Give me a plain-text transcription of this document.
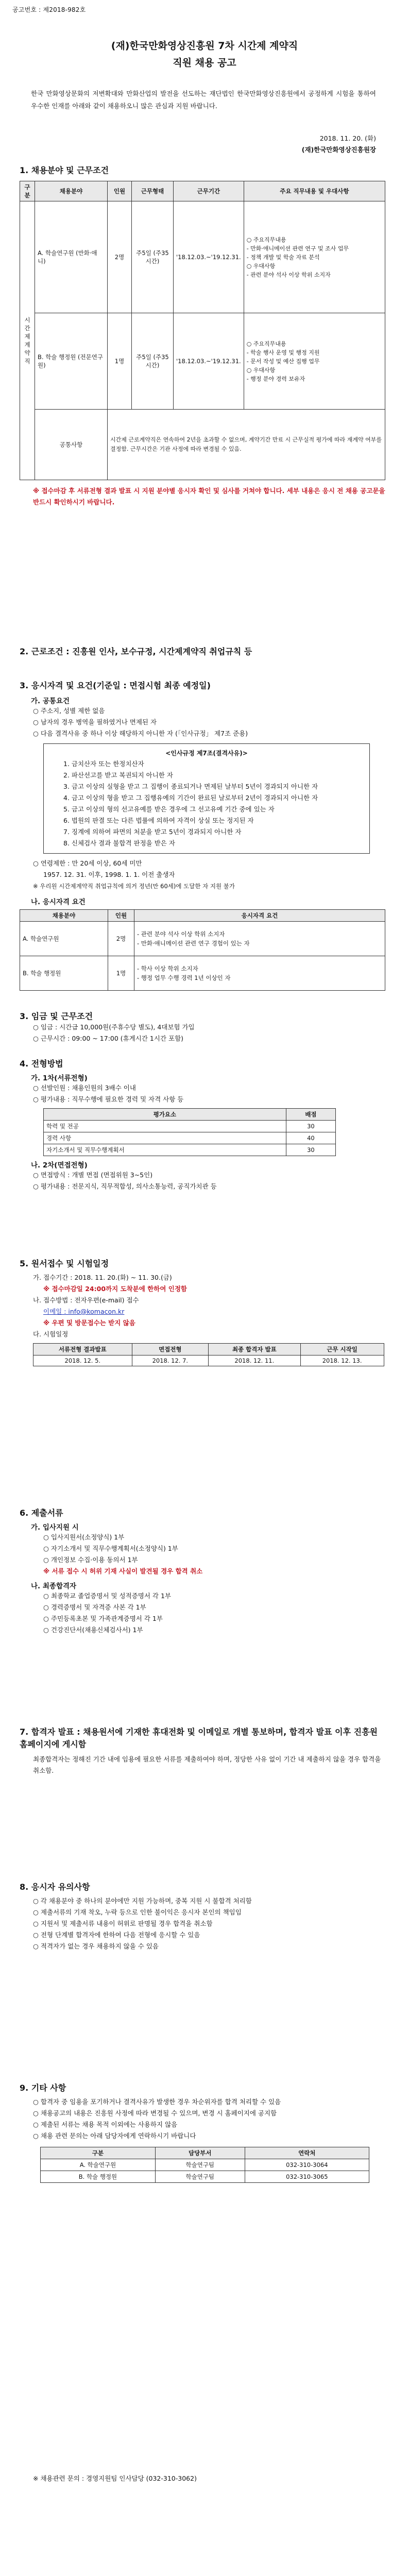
공고번호 : 제2018-982호
(재)한국만화영상진흥원 7차 시간제 계약직
직원 채용 공고
한국 만화영상문화의 저변확대와 만화산업의 발전을 선도하는 재단법인 한국만화영상진흥원에서 공정하게 시험을 통하여 우수한 인재를 아래와 같이 채용하오니 많은 관심과 지원 바랍니다.
2018. 11. 20. (화)
(재)한국만화영상진흥원장
1. 채용분야 및 근무조건
구분	채용분야	인원	근무형태	근무기간	주요 직무내용 및 우대사항
시간제계약직	A. 학술연구원 (만화·애니)	2명	주5일 (주35시간)	'18.12.03.~'19.12.31.	○ 주요직무내용
- 만화·애니메이션 관련 연구 및 조사 업무
- 정책 개발 및 학술 자료 분석
○ 우대사항
- 관련 분야 석사 이상 학위 소지자
	B. 학술 행정원 (전문연구원)	1명	주5일 (주35시간)	'18.12.03.~'19.12.31.	○ 주요직무내용
- 학술 행사 운영 및 행정 지원
- 문서 작성 및 예산 집행 업무
○ 우대사항
- 행정 분야 경력 보유자
	공통사항	시간제 근로계약직은 연속하여 2년을 초과할 수 없으며, 계약기간 만료 시 근무실적 평가에 따라 재계약 여부를 결정함. 근무시간은 기관 사정에 따라 변경될 수 있음.			
※ 접수마감 후 서류전형 결과 발표 시 지원 분야별 응시자 확인 및 심사를 거쳐야 합니다. 세부 내용은 응시 전 채용 공고문을 반드시 확인하시기 바랍니다.
2. 근로조건 : 진흥원 인사, 보수규정, 시간제계약직 취업규칙 등
3. 응시자격 및 요건(기준일 : 면접시험 최종 예정일)
가. 공통요건
○ 주소지, 성별 제한 없음
○ 남자의 경우 병역을 필하였거나 면제된 자
○ 다음 결격사유 중 하나 이상 해당하지 아니한 자 (「인사규정」 제7조 준용)
<인사규정 제7조(결격사유)>
1. 금치산자 또는 한정치산자
2. 파산선고를 받고 복권되지 아니한 자
3. 금고 이상의 실형을 받고 그 집행이 종료되거나 면제된 날부터 5년이 경과되지 아니한 자
4. 금고 이상의 형을 받고 그 집행유예의 기간이 완료된 날로부터 2년이 경과되지 아니한 자
5. 금고 이상의 형의 선고유예를 받은 경우에 그 선고유예 기간 중에 있는 자
6. 법원의 판결 또는 다른 법률에 의하여 자격이 상실 또는 정지된 자
7. 징계에 의하여 파면의 처분을 받고 5년이 경과되지 아니한 자
8. 신체검사 결과 불합격 판정을 받은 자
○ 연령제한 : 만 20세 이상, 60세 미만
1957. 12. 31. 이후, 1998. 1. 1. 이전 출생자
※ 우리원 시간제계약직 취업규칙에 의거 정년(만 60세)에 도달한 자 지원 불가
나. 응시자격 요건
채용분야	인원	응시자격 요건
A. 학술연구원	2명	- 관련 분야 석사 이상 학위 소지자
- 만화·애니메이션 관련 연구 경험이 있는 자
B. 학술 행정원	1명	- 학사 이상 학위 소지자
- 행정 업무 수행 경력 1년 이상인 자
3. 임금 및 근무조건
○ 임금 : 시간급 10,000원(주휴수당 별도), 4대보험 가입
○ 근무시간 : 09:00 ~ 17:00 (휴게시간 1시간 포함)
4. 전형방법
가. 1차(서류전형)
○ 선발인원 : 채용인원의 3배수 이내
○ 평가내용 : 직무수행에 필요한 경력 및 자격 사항 등
평가요소	배점
학력 및 전공	30
경력 사항	40
자기소개서 및 직무수행계획서	30
나. 2차(면접전형)
○ 면접방식 : 개별 면접 (면접위원 3~5인)
○ 평가내용 : 전문지식, 직무적합성, 의사소통능력, 공직가치관 등
5. 원서접수 및 시험일정
가. 접수기간 : 2018. 11. 20.(화) ~ 11. 30.(금)
※ 접수마감일 24:00까지 도착분에 한하여 인정함
나. 접수방법 : 전자우편(e-mail) 접수
이메일 : info@komacon.kr
※ 우편 및 방문접수는 받지 않음
다. 시험일정
서류전형 결과발표	면접전형	최종 합격자 발표	근무 시작일
2018. 12. 5.	2018. 12. 7.	2018. 12. 11.	2018. 12. 13.
6. 제출서류
가. 입사지원 시
○ 입사지원서(소정양식) 1부
○ 자기소개서 및 직무수행계획서(소정양식) 1부
○ 개인정보 수집·이용 동의서 1부
※ 서류 접수 시 허위 기재 사실이 발견될 경우 합격 취소
나. 최종합격자
○ 최종학교 졸업증명서 및 성적증명서 각 1부
○ 경력증명서 및 자격증 사본 각 1부
○ 주민등록초본 및 가족관계증명서 각 1부
○ 건강진단서(채용신체검사서) 1부
7. 합격자 발표 : 채용원서에 기재한 휴대전화 및 이메일로 개별 통보하며, 합격자 발표 이후 진흥원 홈페이지에 게시함
최종합격자는 정해진 기간 내에 임용에 필요한 서류를 제출하여야 하며, 정당한 사유 없이 기간 내 제출하지 않을 경우 합격을 취소함.
8. 응시자 유의사항
○ 각 채용분야 중 하나의 분야에만 지원 가능하며, 중복 지원 시 불합격 처리함
○ 제출서류의 기재 착오, 누락 등으로 인한 불이익은 응시자 본인의 책임임
○ 지원서 및 제출서류 내용이 허위로 판명될 경우 합격을 취소함
○ 전형 단계별 합격자에 한하여 다음 전형에 응시할 수 있음
○ 적격자가 없는 경우 채용하지 않을 수 있음
9. 기타 사항
○ 합격자 중 임용을 포기하거나 결격사유가 발생한 경우 차순위자를 합격 처리할 수 있음
○ 채용공고의 내용은 진흥원 사정에 따라 변경될 수 있으며, 변경 시 홈페이지에 공지함
○ 제출된 서류는 채용 목적 이외에는 사용하지 않음
○ 채용 관련 문의는 아래 담당자에게 연락하시기 바랍니다
구분	담당부서	연락처
A. 학술연구원	학술연구팀	032-310-3064
B. 학술 행정원	학술연구팀	032-310-3065
※ 채용관련 문의 : 경영지원팀 인사담당 (032-310-3062)
